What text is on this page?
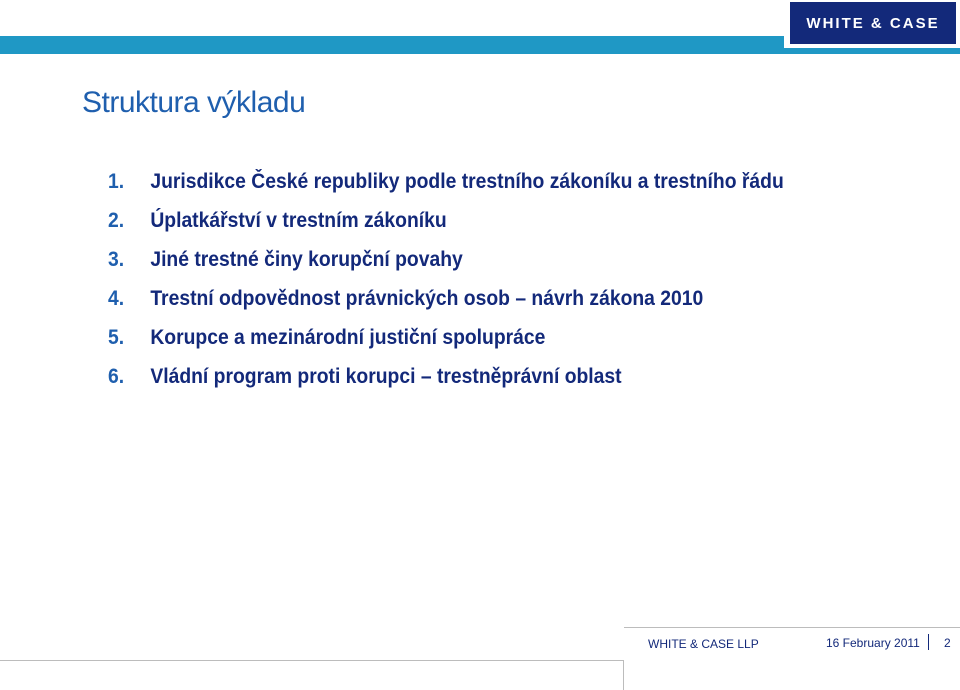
WHITE & CASE
Struktura výkladu
1.	Jurisdikce České republiky podle trestního zákoníku a trestního řádu
2.	Úplatkářství v trestním zákoníku
3.	Jiné trestné činy korupční povahy
4.	Trestní odpovědnost právnických osob – návrh zákona 2010
5.	Korupce a mezinárodní justiční spolupráce
6.	Vládní program proti korupci – trestněprávní oblast
WHITE & CASE LLP	16 February 2011 2
